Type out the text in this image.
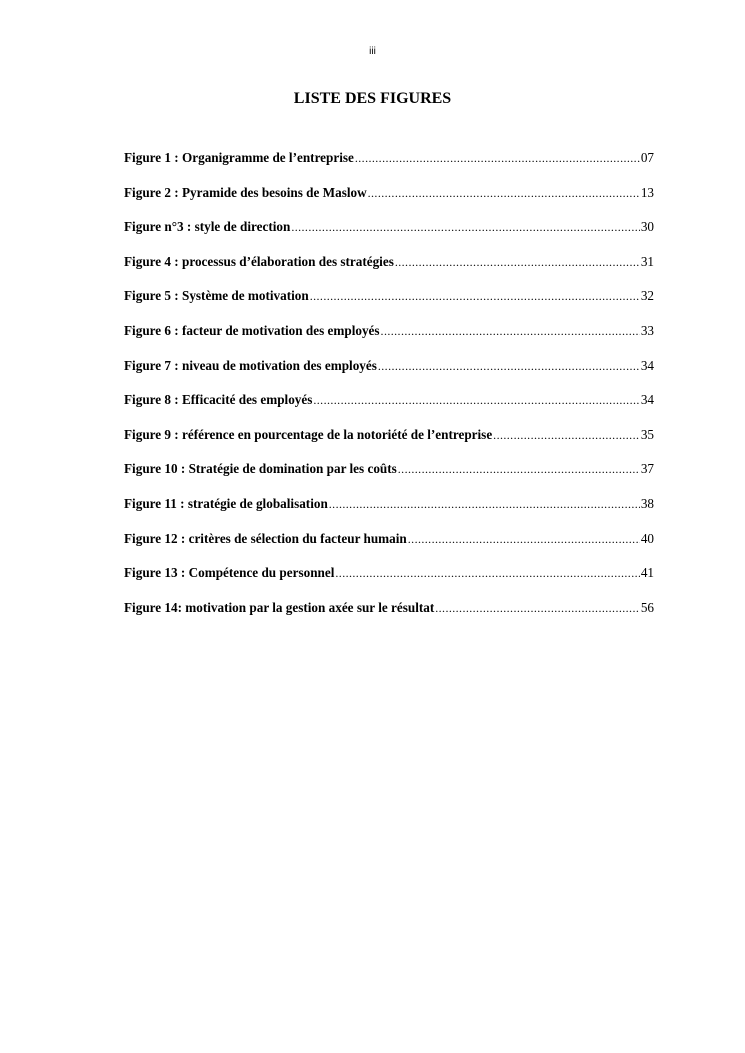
iii
LISTE DES FIGURES
Figure 1 : Organigramme de l’entreprise .....	07
Figure 2 : Pyramide des besoins de Maslow .....	13
Figure n°3 : style de direction .....	30
Figure 4 : processus d’élaboration des stratégies .....	31
Figure 5 : Système de motivation .....	32
Figure 6 : facteur de motivation des employés .....	33
Figure 7 : niveau de motivation des employés .....	34
Figure 8 : Efficacité des employés .....	34
Figure 9 : référence en pourcentage de la notoriété de l’entreprise .....	35
Figure 10 : Stratégie de domination par les coûts .....	37
Figure 11 : stratégie de globalisation .....	38
Figure 12 : critères de sélection du facteur humain .....	40
Figure 13 : Compétence du personnel .....	41
Figure 14: motivation par la gestion axée sur le résultat .....	56
